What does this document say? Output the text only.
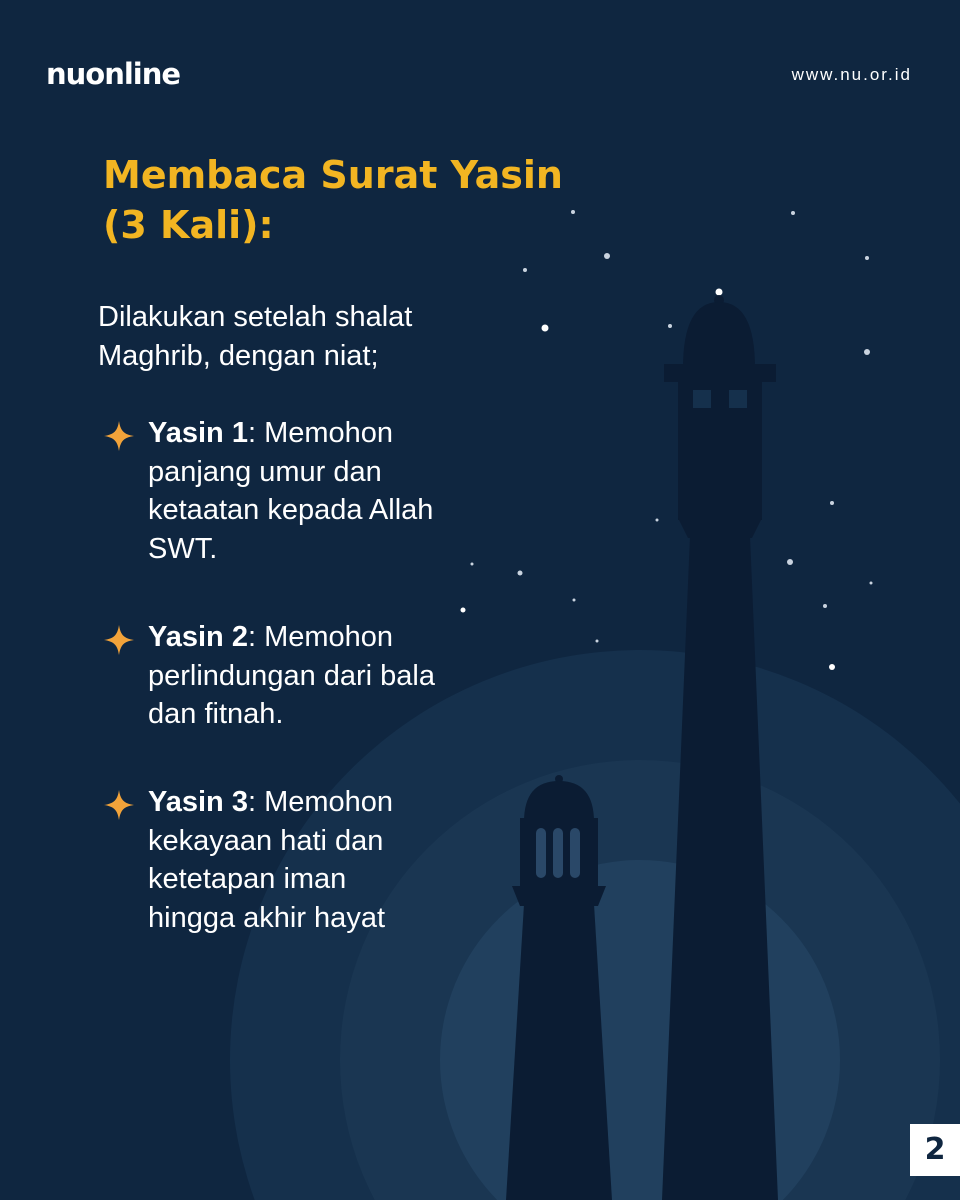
nuonline	www.nu.or.id
Membaca Surat Yasin (3 Kali):

Dilakukan setelah shalat Maghrib, dengan niat;

Yasin 1: Memohon panjang umur dan ketaatan kepada Allah SWT.
Yasin 2: Memohon perlindungan dari bala dan fitnah.
Yasin 3: Memohon kekayaan hati dan ketetapan iman hingga akhir hayat
2
